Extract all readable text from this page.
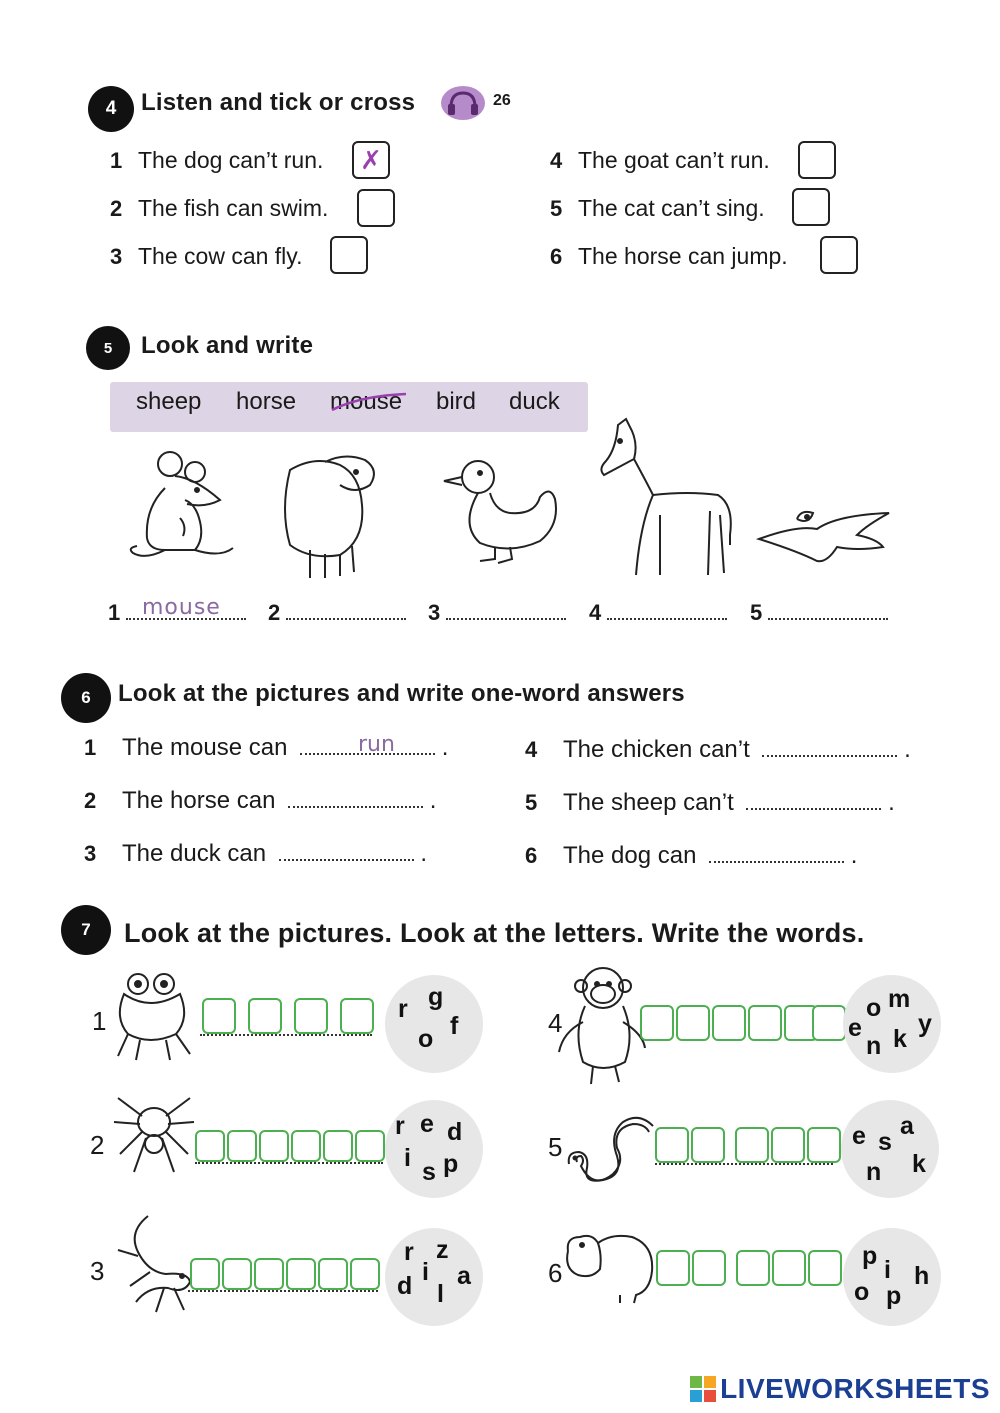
4	Listen and tick or cross	26
1 The dog can’t run.	✗
2 The fish can swim.
3 The cow can fly.
4 The goat can’t run.
5 The cat can’t sing.
6 The horse can jump.
5	Look and write
sheep horse mouse bird duck
1 mouse 2	3	4	5
6	Look at the pictures and write one-word answers
1 The mouse can	.
run
2 The horse can	.
3 The duck can	.
4 The chicken can’t	.
5 The sheep can’t	.
6 The dog can	.
7	Look at the pictures. Look at the letters. Write the words.
1	r g
o f
2
r e d
i s p
3
r z
d i
l
a
4	o m
e y
n k
5	e s
a
n k
6
p i h
o p
LIVEWORKSHEETS
